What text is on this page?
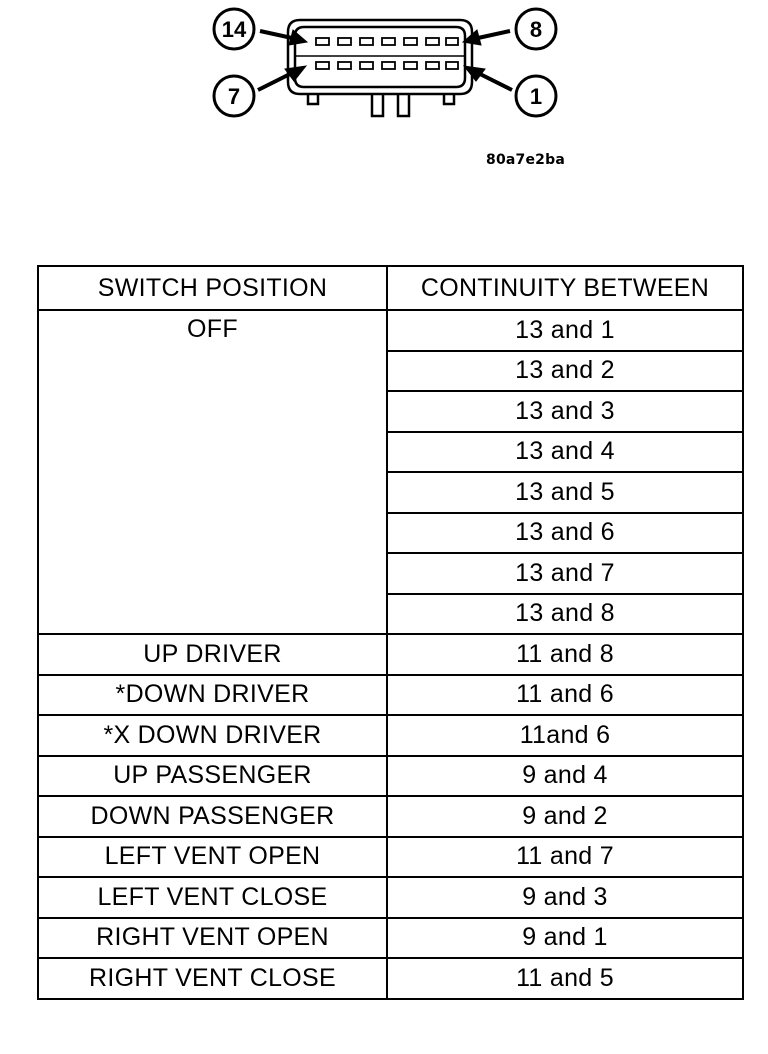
14	8
7	1
80a7e2ba
SWITCH POSITION	CONTINUITY BETWEEN
OFF	13 and 1
	13 and 2
	13 and 3
	13 and 4
	13 and 5
	13 and 6
	13 and 7
	13 and 8
UP DRIVER	11 and 8
*DOWN DRIVER	11 and 6
*X DOWN DRIVER	11and 6
UP PASSENGER	9 and 4
DOWN PASSENGER	9 and 2
LEFT VENT OPEN	11 and 7
LEFT VENT CLOSE	9 and 3
RIGHT VENT OPEN	9 and 1
RIGHT VENT CLOSE	11 and 5
